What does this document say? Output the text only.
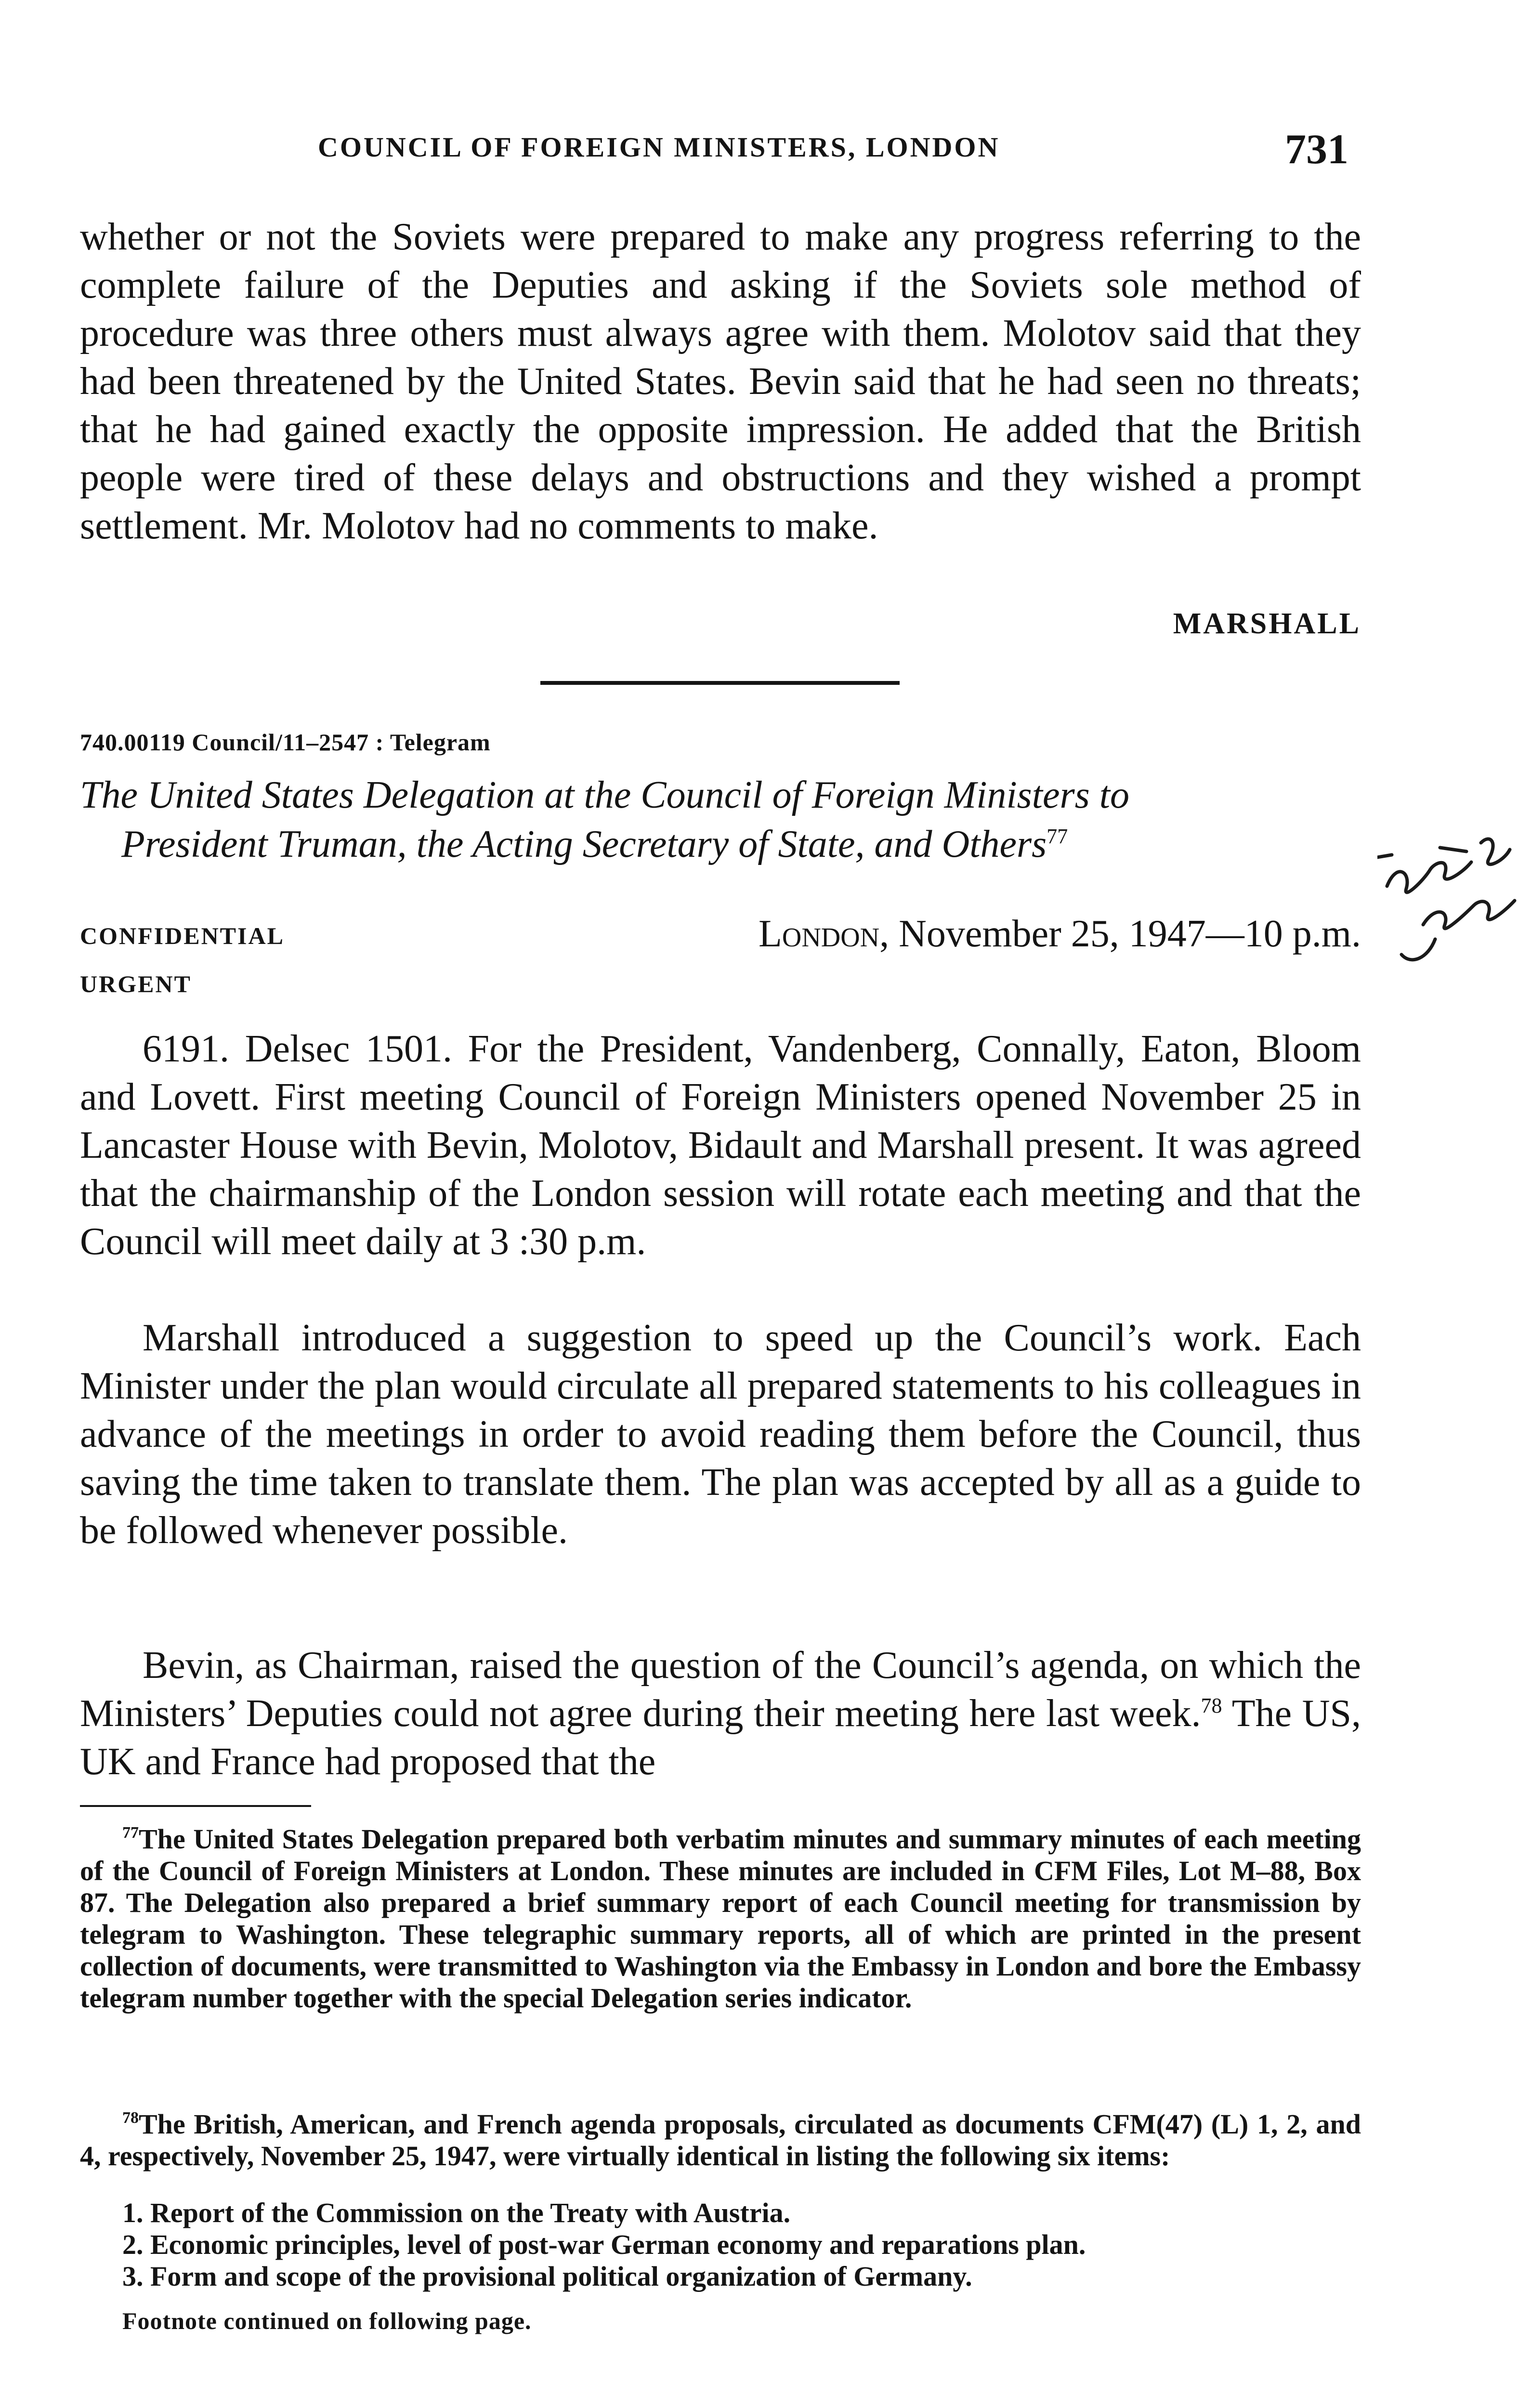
COUNCIL OF FOREIGN MINISTERS, LONDON	731

whether or not the Soviets were prepared to make any progress referring to the complete failure of the Deputies and asking if the Soviets sole method of procedure was three others must always agree with them. Molotov said that they had been threatened by the United States. Bevin said that he had seen no threats; that he had gained exactly the opposite impression. He added that the British people were tired of these delays and obstructions and they wished a prompt settlement. Mr. Molotov had no comments to make.

MARSHALL
740.00119 Council/11–2547 : Telegram
The United States Delegation at the Council of Foreign Ministers to
President Truman, the Acting Secretary of State, and Others$^{77}$
CONFIDENTIAL
URGENT
London, November 25, 1947—10 p.m.

6191. Delsec 1501. For the President, Vandenberg, Connally, Eaton, Bloom and Lovett. First meeting Council of Foreign Ministers opened November 25 in Lancaster House with Bevin, Molotov, Bidault and Marshall present. It was agreed that the chairmanship of the London session will rotate each meeting and that the Council will meet daily at 3 :30 p.m.

Marshall introduced a suggestion to speed up the Council’s work. Each Minister under the plan would circulate all prepared statements to his colleagues in advance of the meetings in order to avoid reading them before the Council, thus saving the time taken to translate them. The plan was accepted by all as a guide to be followed whenever possible.

Bevin, as Chairman, raised the question of the Council’s agenda, on which the Ministers’ Deputies could not agree during their meeting here last week.$^{78}$ The US, UK and France had proposed that the

$^{77}$The United States Delegation prepared both verbatim minutes and summary minutes of each meeting of the Council of Foreign Ministers at London. These minutes are included in CFM Files, Lot M–88, Box 87. The Delegation also prepared a brief summary report of each Council meeting for transmission by telegram to Washington. These telegraphic summary reports, all of which are printed in the present collection of documents, were transmitted to Washington via the Embassy in London and bore the Embassy telegram number together with the special Delegation series indicator.

$^{78}$The British, American, and French agenda proposals, circulated as documents CFM(47) (L) 1, 2, and 4, respectively, November 25, 1947, were virtually identical in listing the following six items:

1. Report of the Commission on the Treaty with Austria.
2. Economic principles, level of post-war German economy and reparations plan.
3. Form and scope of the provisional political organization of Germany.
Footnote continued on following page.
